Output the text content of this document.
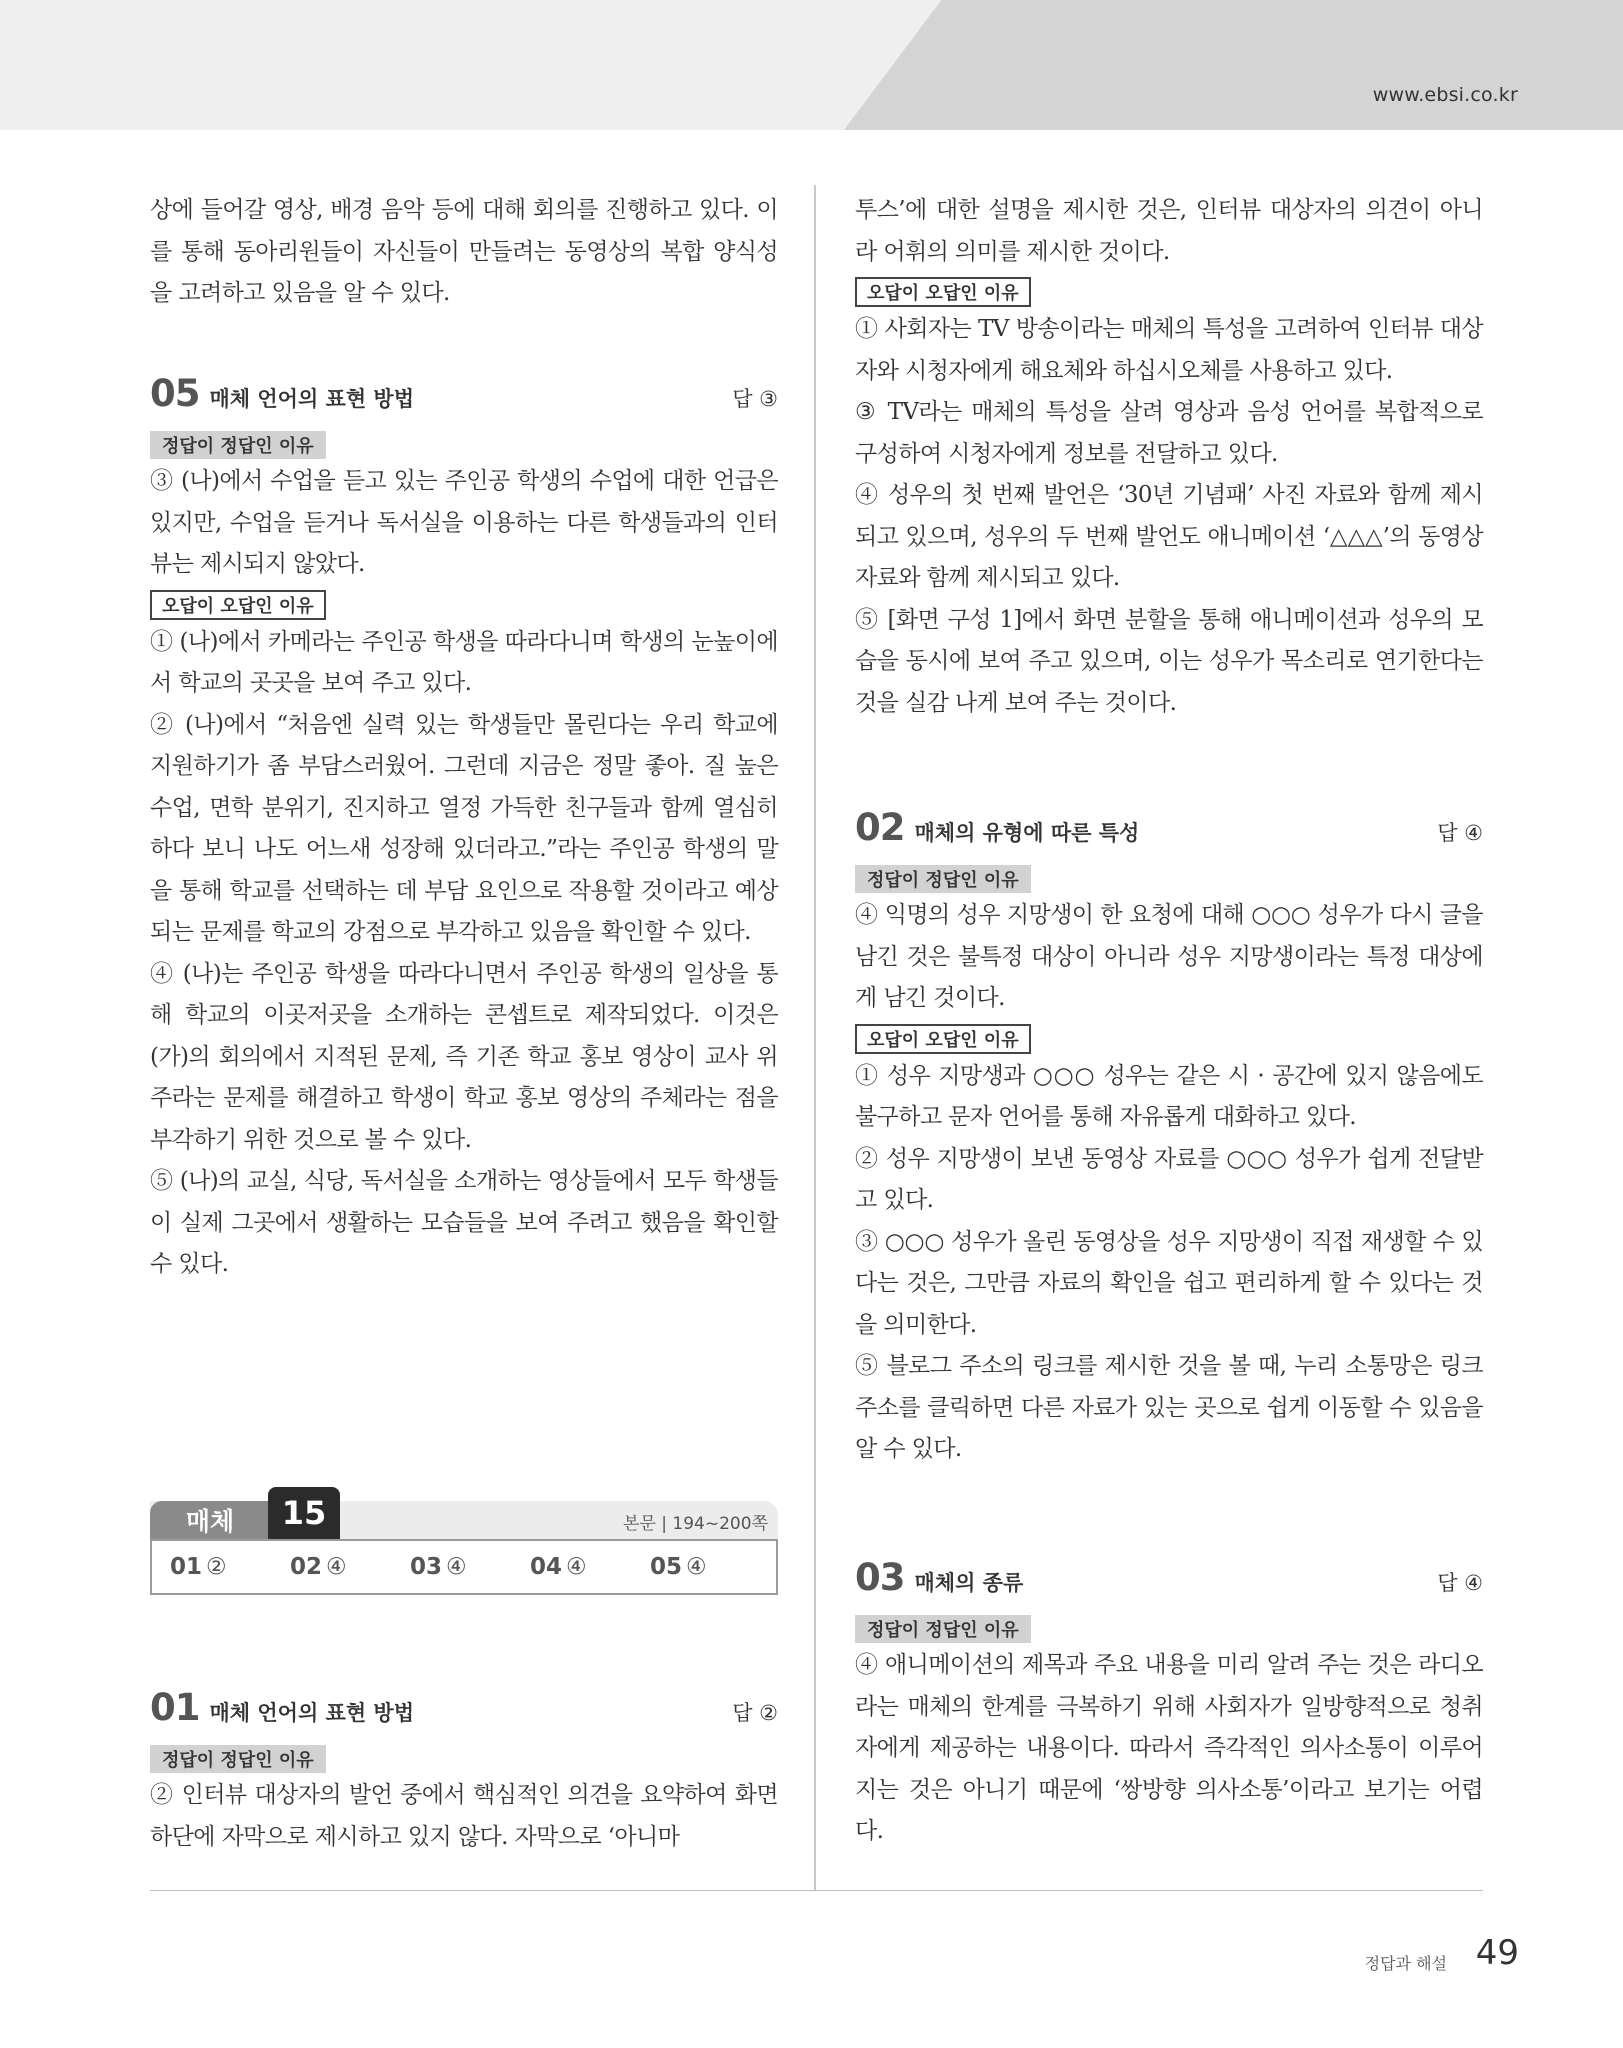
www.ebsi.co.kr

상에 들어갈 영상, 배경 음악 등에 대해 회의를 진행하고 있다. 이를 통해 동아리원들이 자신들이 만들려는 동영상의 복합 양식성을 고려하고 있음을 알 수 있다.

05 매체 언어의 표현 방법	답 ③
정답이 정답인 이유

③ (나)에서 수업을 듣고 있는 주인공 학생의 수업에 대한 언급은 있지만, 수업을 듣거나 독서실을 이용하는 다른 학생들과의 인터뷰는 제시되지 않았다.

오답이 오답인 이유

① (나)에서 카메라는 주인공 학생을 따라다니며 학생의 눈높이에서 학교의 곳곳을 보여 주고 있다.

② (나)에서 “처음엔 실력 있는 학생들만 몰린다는 우리 학교에 지원하기가 좀 부담스러웠어. 그런데 지금은 정말 좋아. 질 높은 수업, 면학 분위기, 진지하고 열정 가득한 친구들과 함께 열심히 하다 보니 나도 어느새 성장해 있더라고.”라는 주인공 학생의 말을 통해 학교를 선택하는 데 부담 요인으로 작용할 것이라고 예상되는 문제를 학교의 강점으로 부각하고 있음을 확인할 수 있다.

④ (나)는 주인공 학생을 따라다니면서 주인공 학생의 일상을 통해 학교의 이곳저곳을 소개하는 콘셉트로 제작되었다. 이것은 (가)의 회의에서 지적된 문제, 즉 기존 학교 홍보 영상이 교사 위주라는 문제를 해결하고 학생이 학교 홍보 영상의 주체라는 점을 부각하기 위한 것으로 볼 수 있다.

⑤ (나)의 교실, 식당, 독서실을 소개하는 영상들에서 모두 학생들이 실제 그곳에서 생활하는 모습들을 보여 주려고 했음을 확인할 수 있다.

매체	15	본문 | 194~200쪽
01 ②	02 ④	03 ④	04 ④	05 ④
01 매체 언어의 표현 방법	답 ②
정답이 정답인 이유

② 인터뷰 대상자의 발언 중에서 핵심적인 의견을 요약하여 화면 하단에 자막으로 제시하고 있지 않다. 자막으로 ‘아니마

투스’에 대한 설명을 제시한 것은, 인터뷰 대상자의 의견이 아니라 어휘의 의미를 제시한 것이다.

오답이 오답인 이유

① 사회자는 TV 방송이라는 매체의 특성을 고려하여 인터뷰 대상자와 시청자에게 해요체와 하십시오체를 사용하고 있다.

③ TV라는 매체의 특성을 살려 영상과 음성 언어를 복합적으로 구성하여 시청자에게 정보를 전달하고 있다.

④ 성우의 첫 번째 발언은 ‘30년 기념패’ 사진 자료와 함께 제시되고 있으며, 성우의 두 번째 발언도 애니메이션 ‘△△△’의 동영상 자료와 함께 제시되고 있다.

⑤ [화면 구성 1]에서 화면 분할을 통해 애니메이션과 성우의 모습을 동시에 보여 주고 있으며, 이는 성우가 목소리로 연기한다는 것을 실감 나게 보여 주는 것이다.

02 매체의 유형에 따른 특성	답 ④
정답이 정답인 이유

④ 익명의 성우 지망생이 한 요청에 대해 ○○○ 성우가 다시 글을 남긴 것은 불특정 대상이 아니라 성우 지망생이라는 특정 대상에게 남긴 것이다.

오답이 오답인 이유

① 성우 지망생과 ○○○ 성우는 같은 시 · 공간에 있지 않음에도 불구하고 문자 언어를 통해 자유롭게 대화하고 있다.

② 성우 지망생이 보낸 동영상 자료를 ○○○ 성우가 쉽게 전달받고 있다.

③ ○○○ 성우가 올린 동영상을 성우 지망생이 직접 재생할 수 있다는 것은, 그만큼 자료의 확인을 쉽고 편리하게 할 수 있다는 것을 의미한다.

⑤ 블로그 주소의 링크를 제시한 것을 볼 때, 누리 소통망은 링크 주소를 클릭하면 다른 자료가 있는 곳으로 쉽게 이동할 수 있음을 알 수 있다.

03 매체의 종류	답 ④
정답이 정답인 이유

④ 애니메이션의 제목과 주요 내용을 미리 알려 주는 것은 라디오라는 매체의 한계를 극복하기 위해 사회자가 일방향적으로 청취자에게 제공하는 내용이다. 따라서 즉각적인 의사소통이 이루어지는 것은 아니기 때문에 ‘쌍방향 의사소통’이라고 보기는 어렵다.

정답과 해설 49
